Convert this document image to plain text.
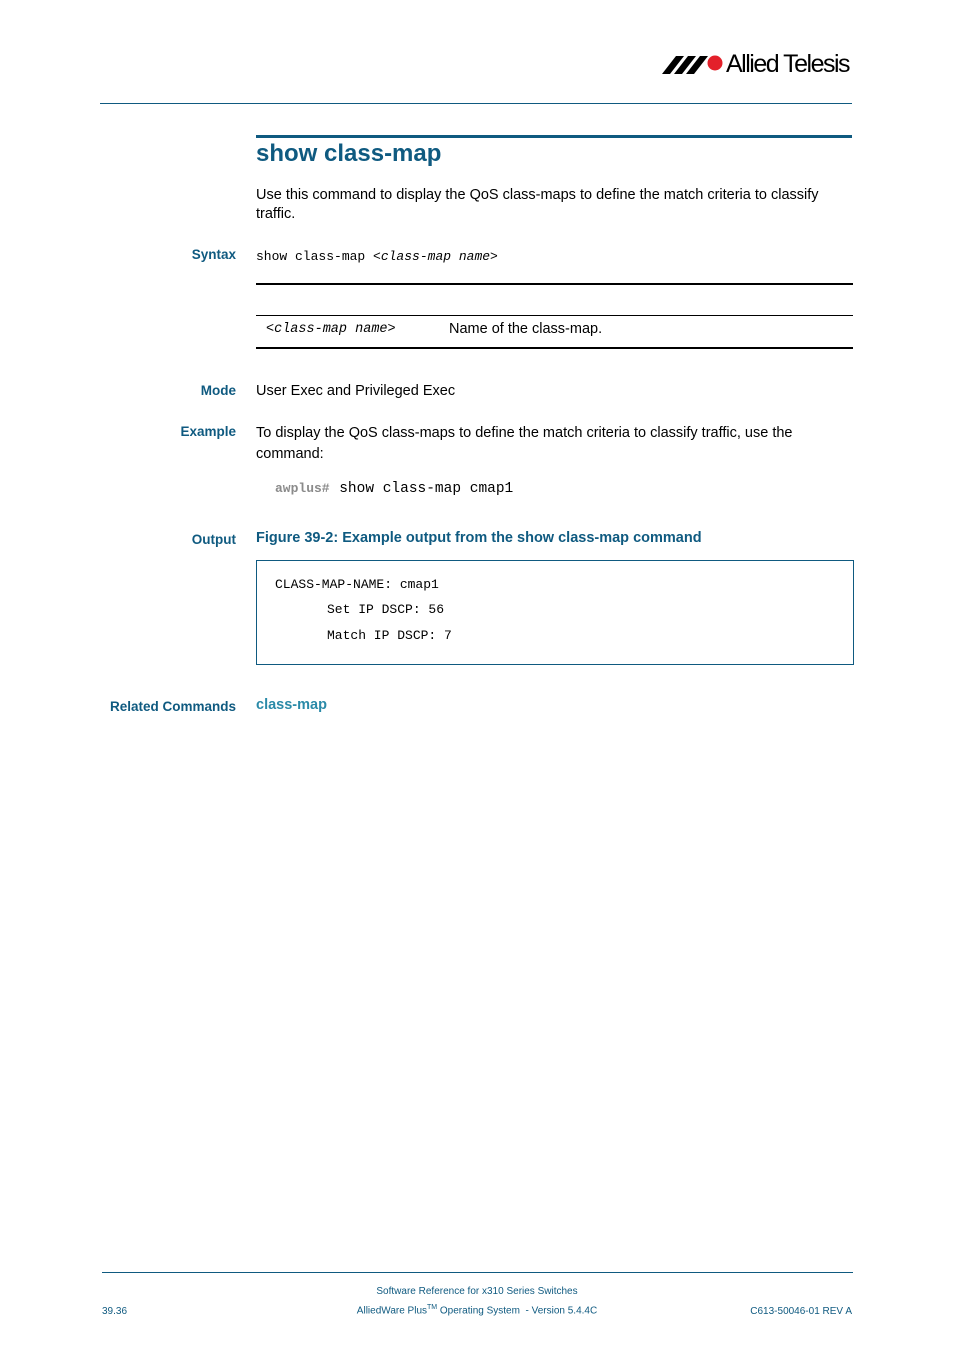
Allied Telesis
show class-map
Use this command to display the QoS class-maps to define the match criteria to classify traffic.
Syntax show class-map <class-map name>
<class-map name>	Name of the class-map.
Mode User Exec and Privileged Exec
Example To display the QoS class-maps to define the match criteria to classify traffic, use the command:
awplus# show class-map cmap1
Output Figure 39-2: Example output from the show class-map command
CLASS-MAP-NAME: cmap1
Set IP DSCP: 56
Match IP DSCP: 7
Related Commands class-map
Software Reference for x310 Series Switches
AlliedWare Plus™ Operating System  - Version 5.4.4C
39.36	C613-50046-01 REV A
